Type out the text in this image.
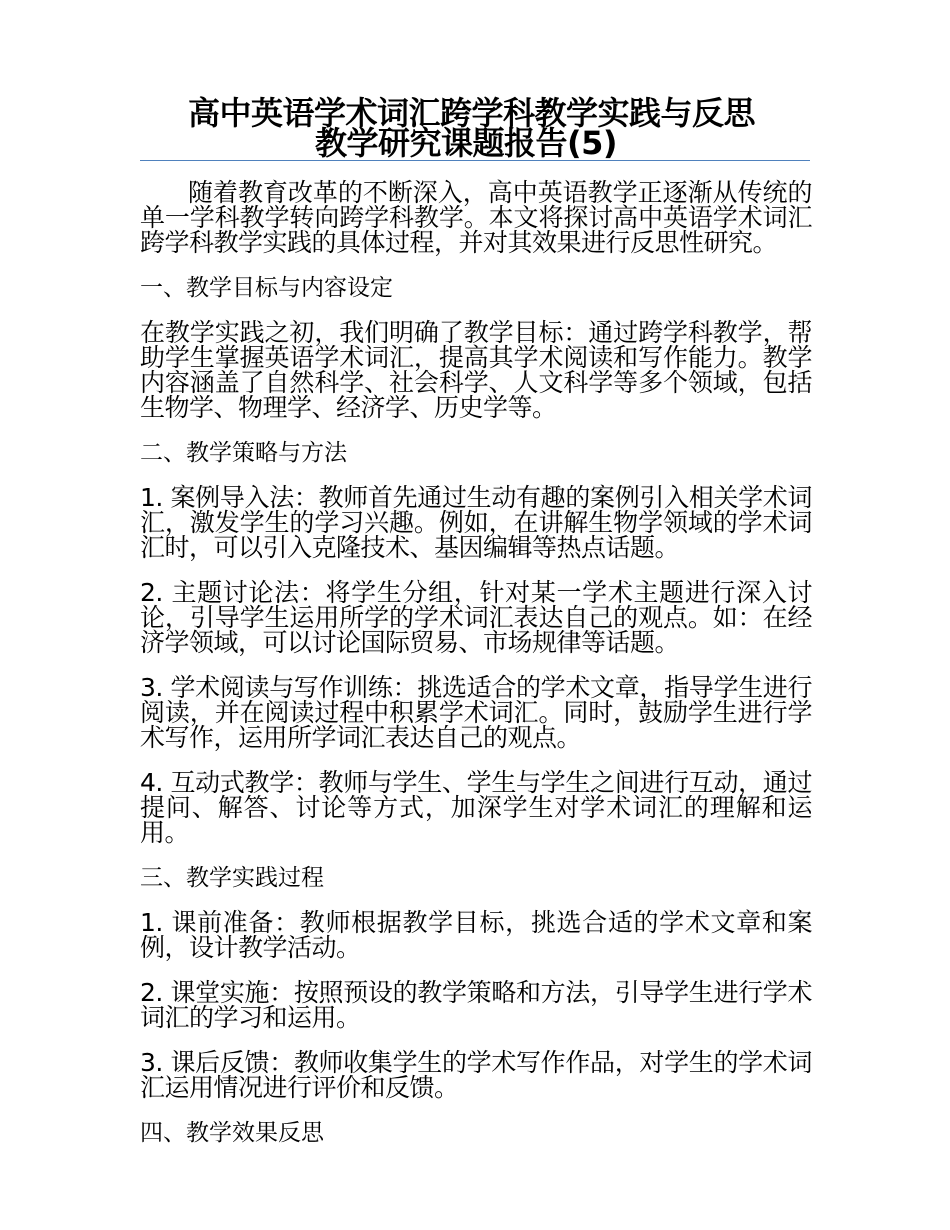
高中英语学术词汇跨学科教学实践与反思
教学研究课题报告(5)

随着教育改革的不断深入，高中英语教学正逐渐从传统的单一学科教学转向跨学科教学。本文将探讨高中英语学术词汇跨学科教学实践的具体过程，并对其效果进行反思性研究。

一、教学目标与内容设定

在教学实践之初，我们明确了教学目标：通过跨学科教学，帮助学生掌握英语学术词汇，提高其学术阅读和写作能力。教学内容涵盖了自然科学、社会科学、人文科学等多个领域，包括生物学、物理学、经济学、历史学等。

二、教学策略与方法

1. 案例导入法：教师首先通过生动有趣的案例引入相关学术词汇，激发学生的学习兴趣。例如，在讲解生物学领域的学术词汇时，可以引入克隆技术、基因编辑等热点话题。

2. 主题讨论法：将学生分组，针对某一学术主题进行深入讨论，引导学生运用所学的学术词汇表达自己的观点。如：在经济学领域，可以讨论国际贸易、市场规律等话题。

3. 学术阅读与写作训练：挑选适合的学术文章，指导学生进行阅读，并在阅读过程中积累学术词汇。同时，鼓励学生进行学术写作，运用所学词汇表达自己的观点。

4. 互动式教学：教师与学生、学生与学生之间进行互动，通过提问、解答、讨论等方式，加深学生对学术词汇的理解和运用。

三、教学实践过程

1. 课前准备：教师根据教学目标，挑选合适的学术文章和案例，设计教学活动。

2. 课堂实施：按照预设的教学策略和方法，引导学生进行学术词汇的学习和运用。

3. 课后反馈：教师收集学生的学术写作作品，对学生的学术词汇运用情况进行评价和反馈。

四、教学效果反思
